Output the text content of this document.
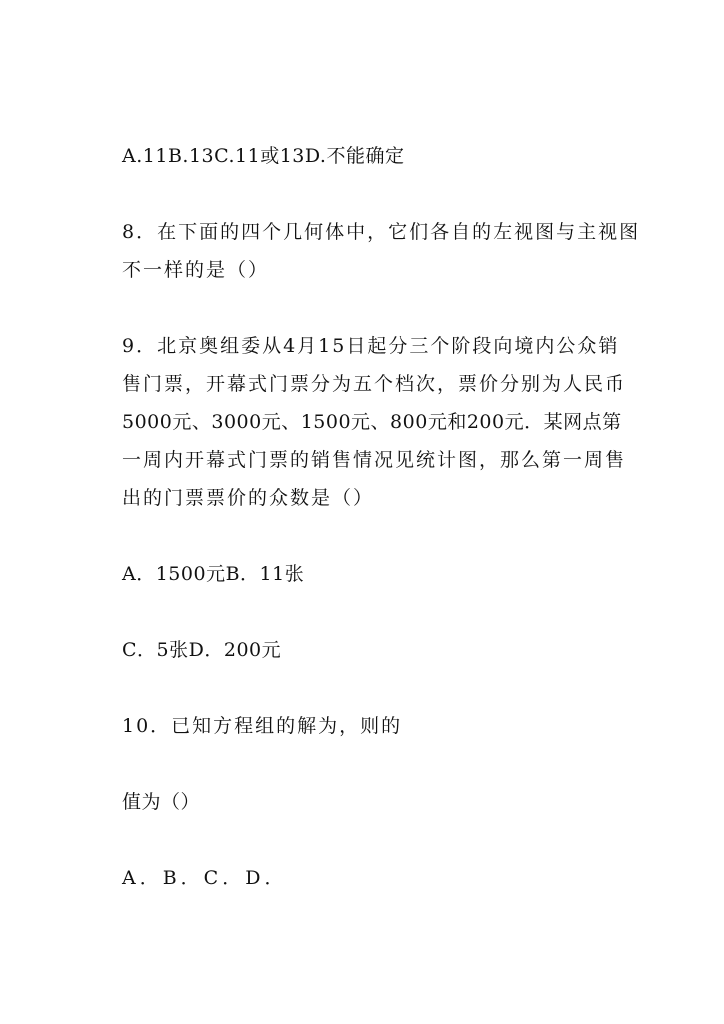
A.11B.13C.11或13D.不能确定
8．在下面的四个几何体中，它们各自的左视图与主视图
不一样的是（）
9．北京奥组委从4月15日起分三个阶段向境内公众销
售门票，开幕式门票分为五个档次，票价分别为人民币
5000元、3000元、1500元、800元和200元．某网点第
一周内开幕式门票的销售情况见统计图，那么第一周售
出的门票票价的众数是（）
A．1500元B．11张
C．5张D．200元
10．已知方程组的解为，则的
值为（）
A．B．C．D．
